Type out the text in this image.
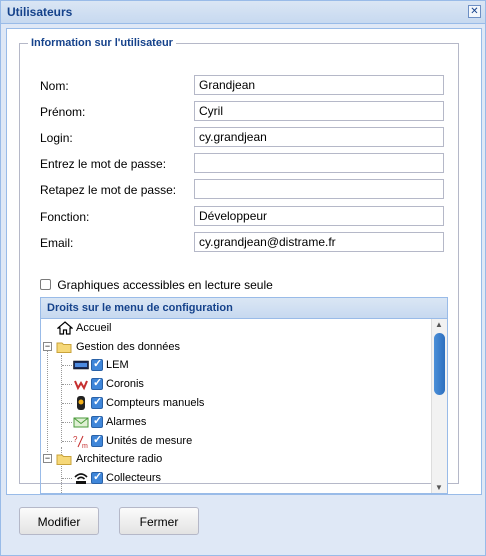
Utilisateurs	✕
Information sur l'utilisateur
Nom:	Grandjean
Prénom:	Cyril
Login:	cy.grandjean
Entrez le mot de passe:
Retapez le mot de passe:
Fonction:	Développeur
Email:	cy.grandjean@distrame.fr
Graphiques accessibles en lecture seule
Droits sur le menu de configuration
Accueil
− Gestion des données
✓
LEM
✓
Coronis
✓
Compteurs manuels
✓
Alarmes
?
m
✓ Unités de mesure
− Architecture radio
✓
Collecteurs
▲
▼
Modifier	Fermer
